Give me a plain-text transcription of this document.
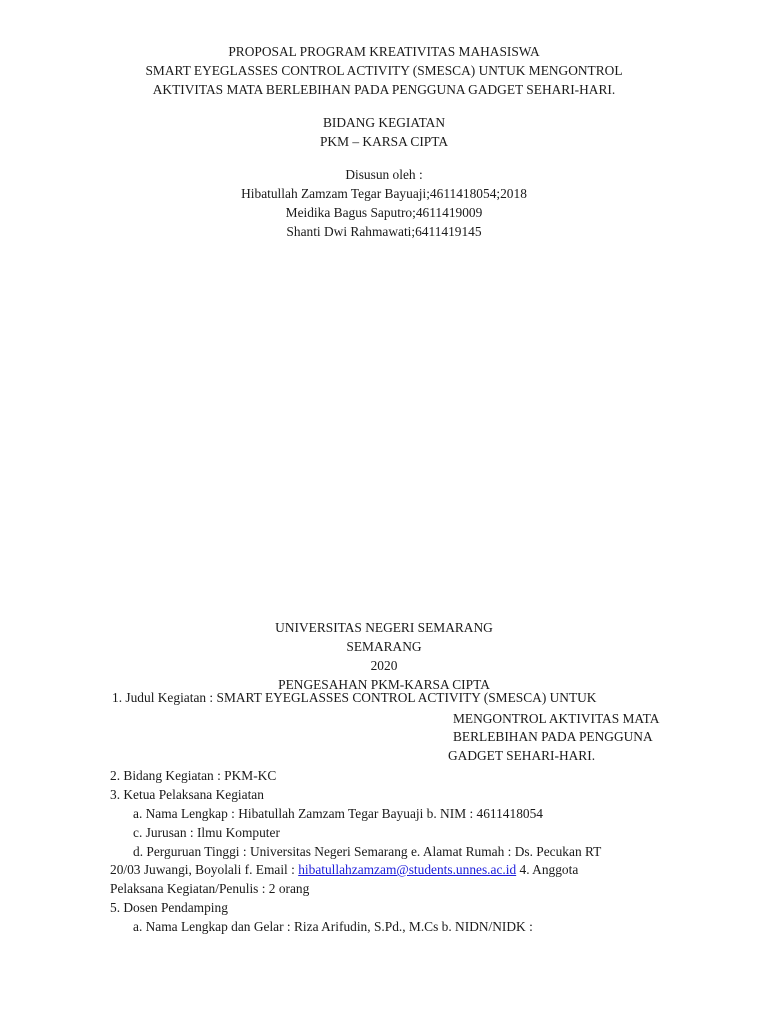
PROPOSAL PROGRAM KREATIVITAS MAHASISWA
SMART EYEGLASSES CONTROL ACTIVITY (SMESCA) UNTUK MENGONTROL
AKTIVITAS MATA BERLEBIHAN PADA PENGGUNA GADGET SEHARI-HARI.
BIDANG KEGIATAN
PKM – KARSA CIPTA
Disusun oleh :
Hibatullah Zamzam Tegar Bayuaji;4611418054;2018
Meidika Bagus Saputro;4611419009
Shanti Dwi Rahmawati;6411419145
UNIVERSITAS NEGERI SEMARANG
SEMARANG
2020
PENGESAHAN PKM-KARSA CIPTA
1. Judul Kegiatan : SMART EYEGLASSES CONTROL ACTIVITY (SMESCA) UNTUK
MENGONTROL AKTIVITAS MATA
BERLEBIHAN PADA PENGGUNA
GADGET SEHARI-HARI.
2. Bidang Kegiatan : PKM-KC
3. Ketua Pelaksana Kegiatan
a. Nama Lengkap : Hibatullah Zamzam Tegar Bayuaji b. NIM : 4611418054
c. Jurusan : Ilmu Komputer
d. Perguruan Tinggi : Universitas Negeri Semarang e. Alamat Rumah : Ds. Pecukan RT
20/03 Juwangi, Boyolali f. Email : hibatullahzamzam@students.unnes.ac.id 4. Anggota
Pelaksana Kegiatan/Penulis : 2 orang
5. Dosen Pendamping
a. Nama Lengkap dan Gelar : Riza Arifudin, S.Pd., M.Cs b. NIDN/NIDK :
